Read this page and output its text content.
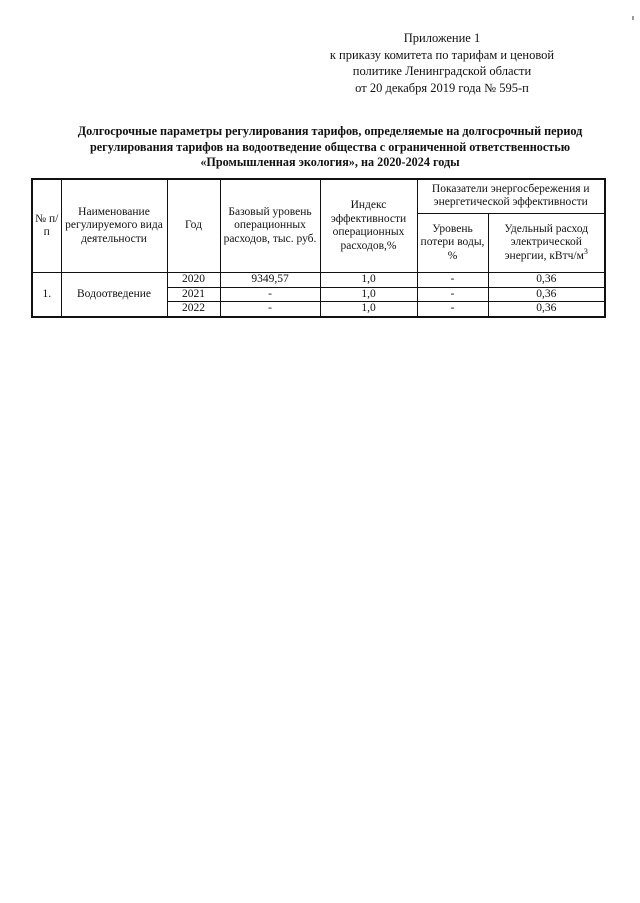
Приложение 1
к приказу комитета по тарифам и ценовой
политике Ленинградской области
от 20 декабря 2019 года № 595-п
Долгосрочные параметры регулирования тарифов, определяемые на долгосрочный период
регулирования тарифов на водоотведение общества с ограниченной ответственностью
«Промышленная экология», на 2020-2024 годы
№ п/п	Наименование регулируемого вида деятельности	Год	Базовый уровень операционных расходов, тыс. руб.	Индекс эффективности операционных расходов,%	Показатели энергосбережения и энергетической эффективности	
					Уровень потери воды, %	Удельный расход электрической энергии, кВтч/$м^3$
1.	Водоотведение	2020	9349,57	1,0	-	0,36
		2021	-	1,0	-	0,36
		2022	-	1,0	-	0,36
